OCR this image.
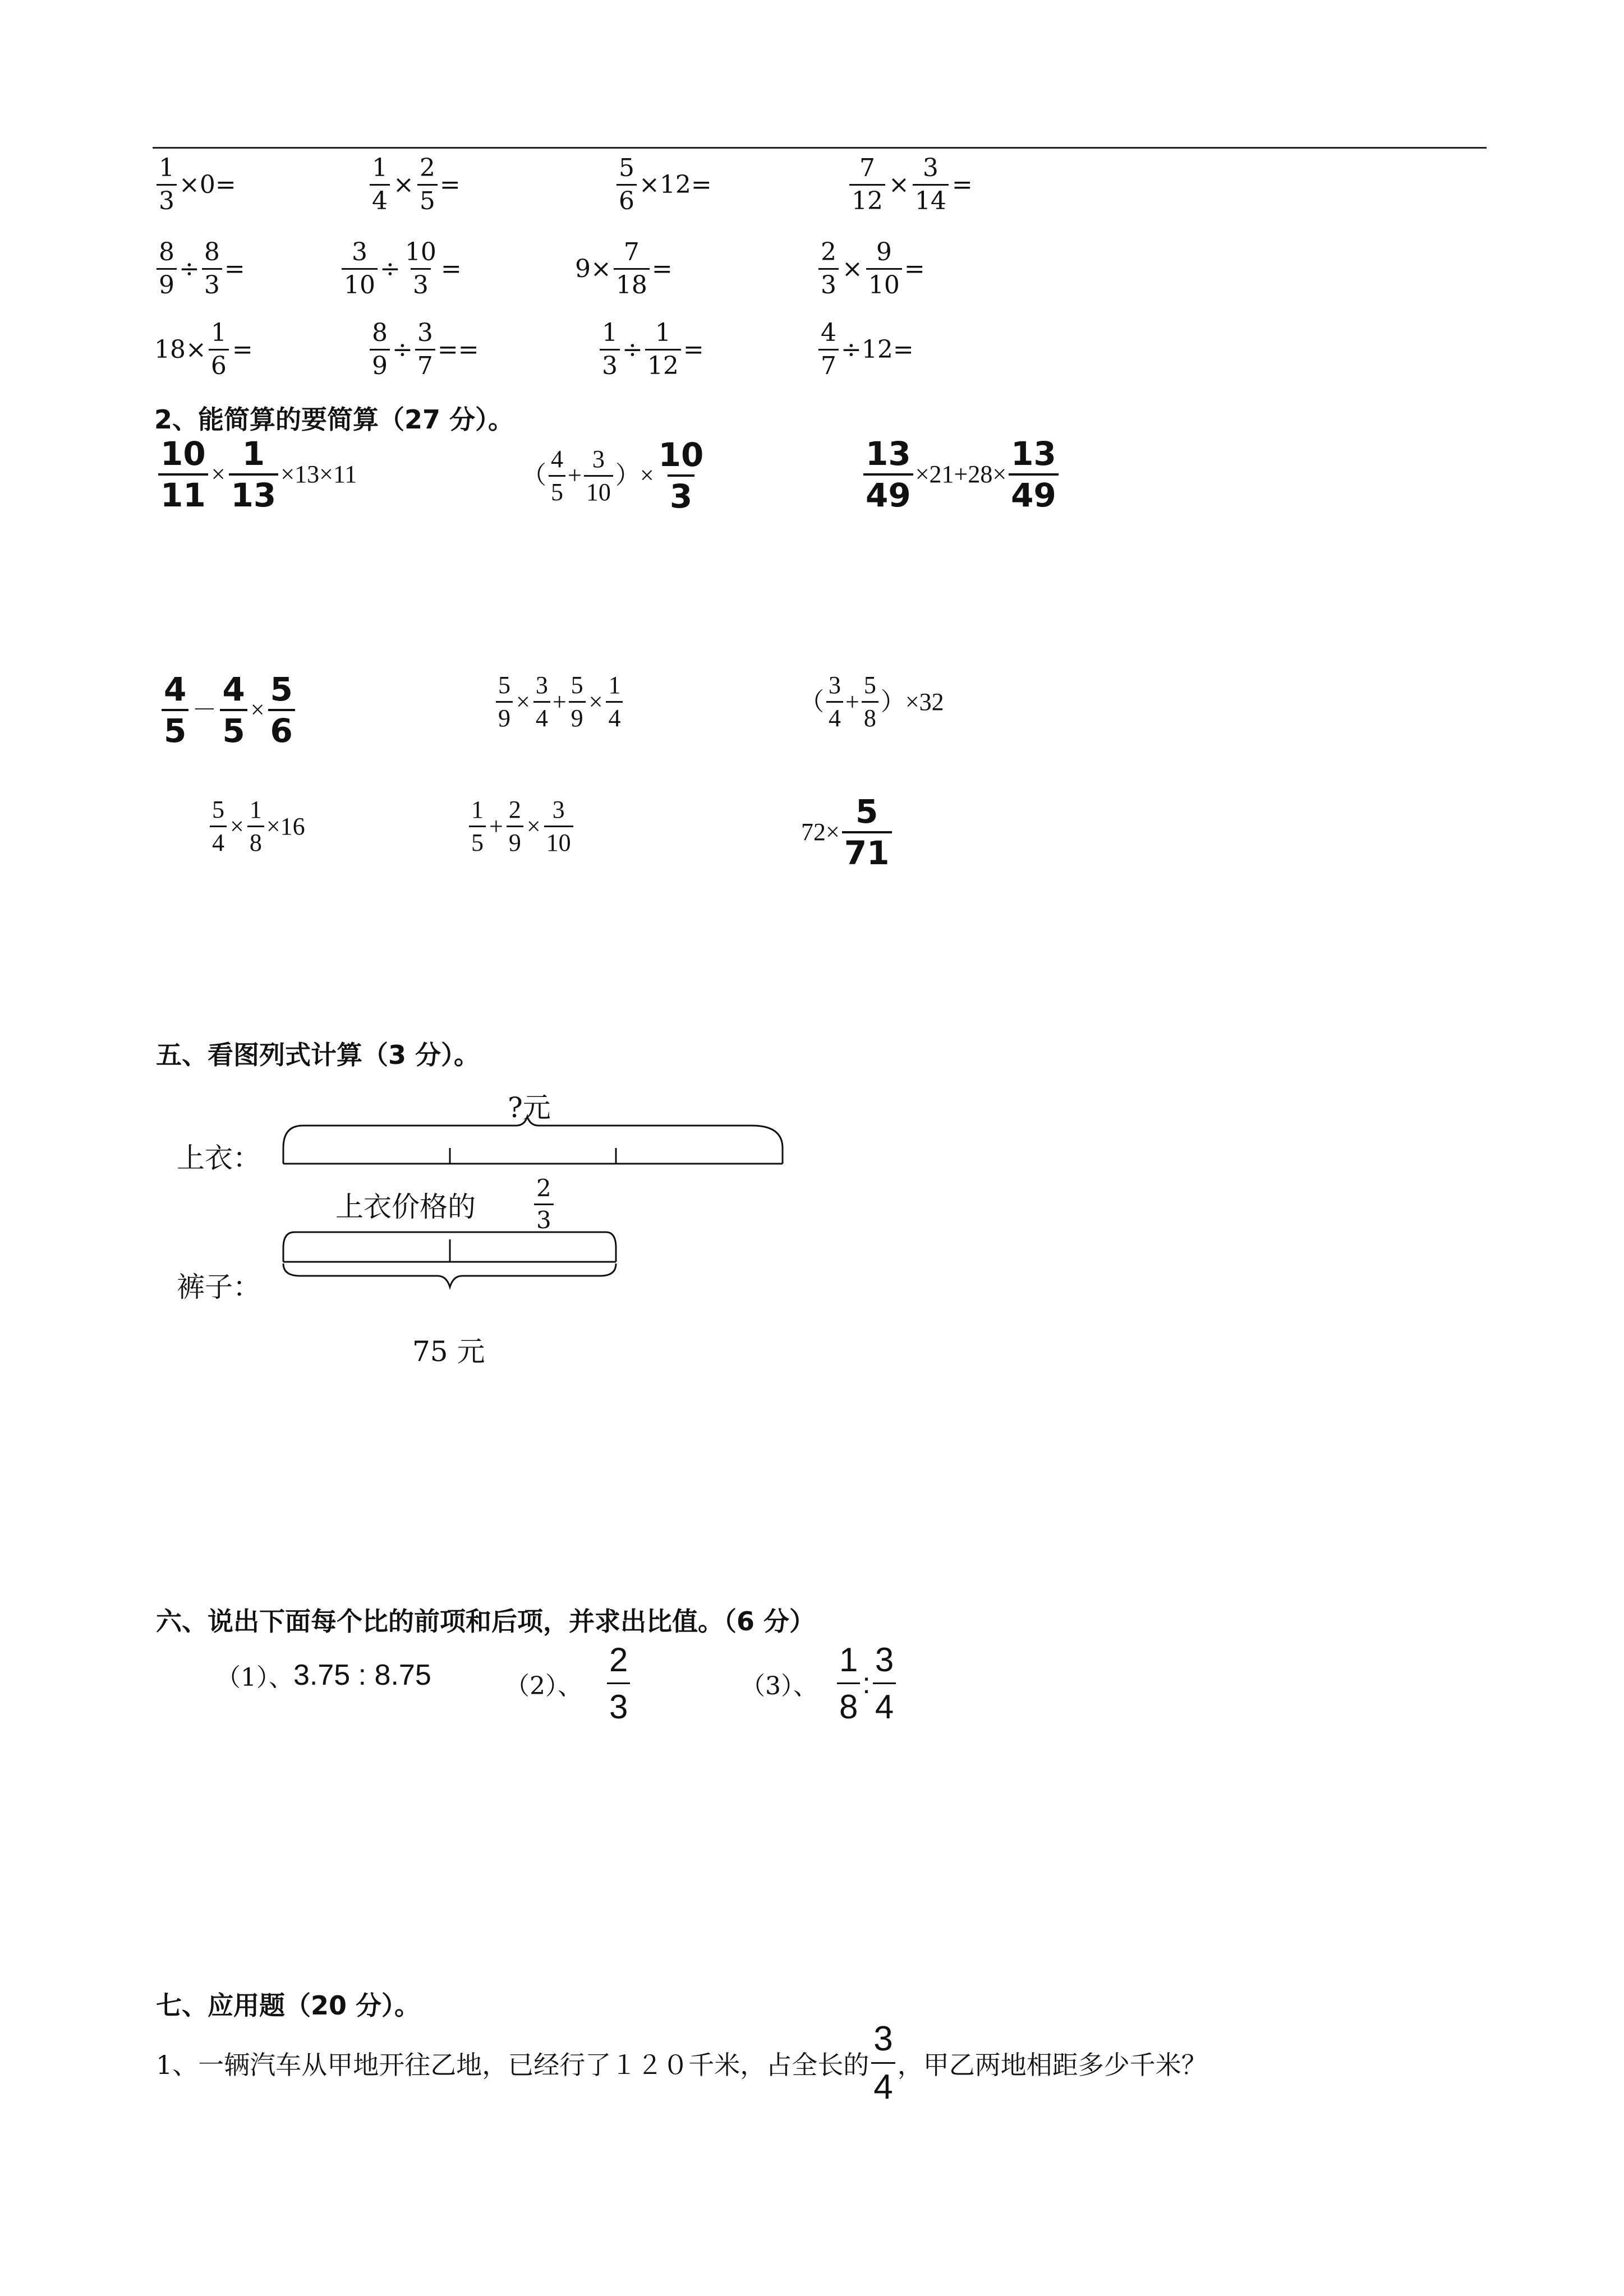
$\frac{1}{3} \times 0=$	$\frac{1}{4} \times \frac{2}{5}$ =	$\frac{5}{6} \times 12=$	$\frac{7}{12} \times \frac{3}{14}$ =
$\frac{8}{9} \div \frac{8}{3}$ =	$\frac{3}{10} \div \frac{10}{3}$ =	$9\times \frac{7}{18}$ =	$\frac{2}{3} \times \frac{9}{10}$ =
$18\times \frac{1}{6}$ =	$\frac{8}{9} \div \frac{3}{7}$ ==	$\frac{1}{3} \div \frac{1}{12}$ =	$\frac{4}{7} \div 12=$
2、能简算的要简算（27 分）。
$\frac{10}{11} \times \frac{1}{13} \times 13\times 11$	（ $\frac{4}{5} + \frac{3}{10}$ ）× $\frac{10}{3}$	$\frac{13}{49} \times 21+28\times \frac{13}{49}$
$\frac{4}{5} - \frac{4}{5} \times \frac{5}{6}$	$\frac{5}{9} \times \frac{3}{4} + \frac{5}{9} \times \frac{1}{4}$	（ $\frac{3}{4} + \frac{5}{8} )\times 32$
$\frac{5}{4} \times \frac{1}{8} \times 16$	$\frac{1}{5} + \frac{2}{9} \times \frac{3}{10}$	$72\times \frac{5}{71}$
五、看图列式计算（3 分）。
?元
上衣：
上衣价格的 $\frac{2}{3}$
裤子：
75 元
六、说出下面每个比的前项和后项，并求出比值。（6 分）
（1）、 3.75 : 8.75	（2）、 $\frac{2}{3}$	（3）、 $\frac{1}{8}$ : $\frac{3}{4}$
七、应用题（20 分）。
1、一辆汽车从甲地开往乙地，已经行了１２０千米，占全长的 $\frac{3}{4}$ ，甲乙两地相距多少千米？
